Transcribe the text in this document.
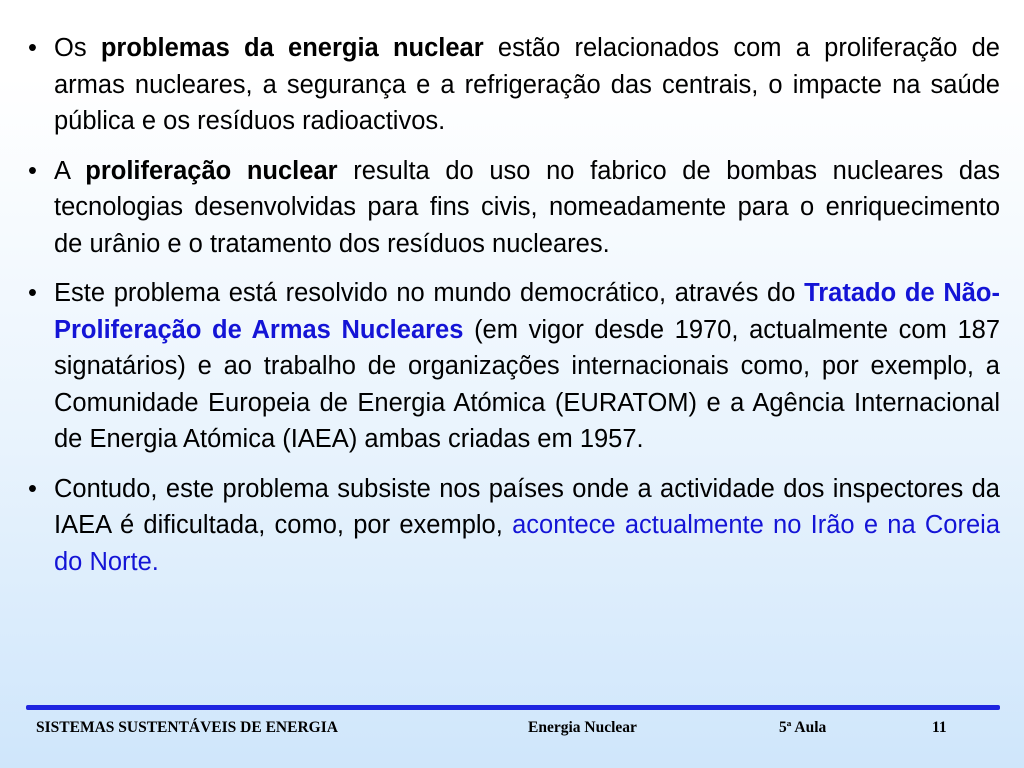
• Os problemas da energia nuclear estão relacionados com a proliferação de armas nucleares, a segurança e a refrigeração das centrais, o impacte na saúde pública e os resíduos radioactivos.
• A proliferação nuclear resulta do uso no fabrico de bombas nucleares das tecnologias desenvolvidas para fins civis, nomeadamente para o enriquecimento de urânio e o tratamento dos resíduos nucleares.
• Este problema está resolvido no mundo democrático, através do Tratado de Não-Proliferação de Armas Nucleares (em vigor desde 1970, actualmente com 187 signatários) e ao trabalho de organizações internacionais como, por exemplo, a Comunidade Europeia de Energia Atómica (EURATOM) e a Agência Internacional de Energia Atómica (IAEA) ambas criadas em 1957.
• Contudo, este problema subsiste nos países onde a actividade dos inspectores da IAEA é dificultada, como, por exemplo, acontece actualmente no Irão e na Coreia do Norte.
SISTEMAS SUSTENTÁVEIS DE ENERGIA	Energia Nuclear	5ª Aula	11
